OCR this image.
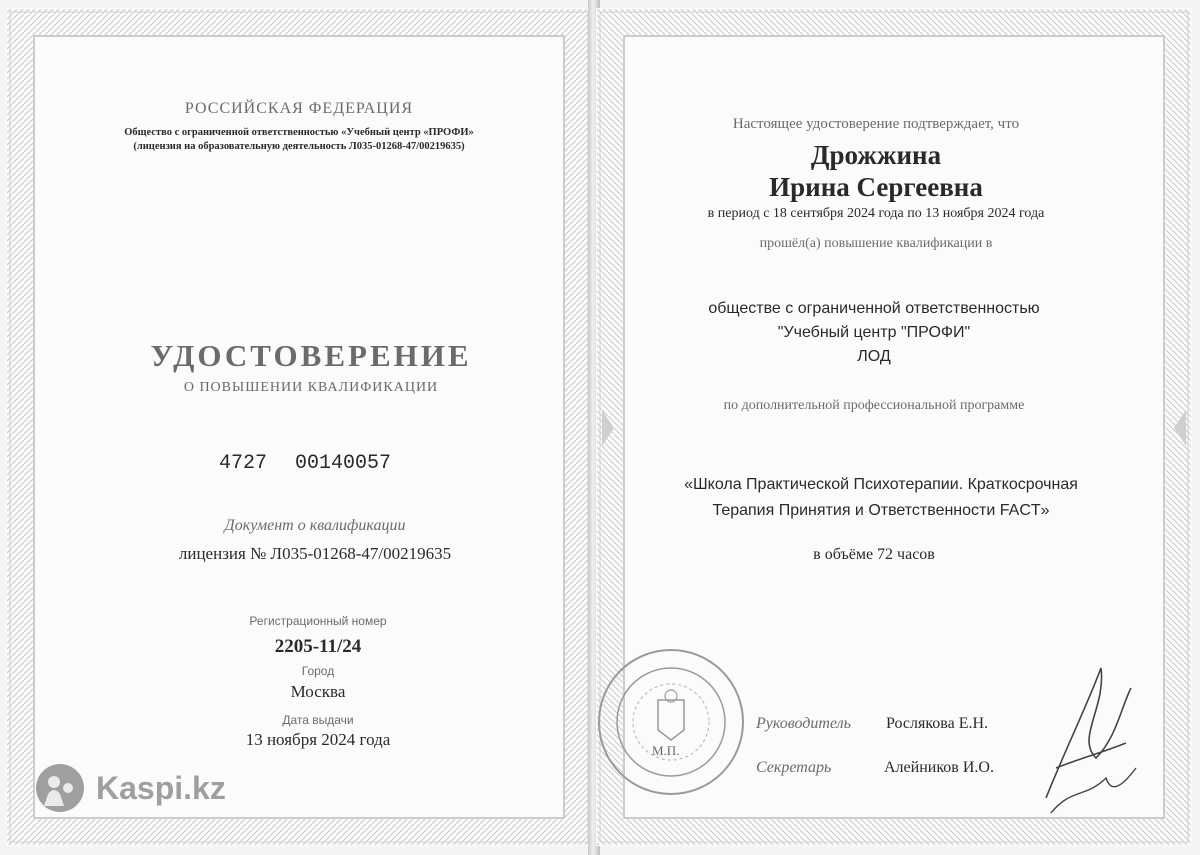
РОССИЙСКАЯ ФЕДЕРАЦИЯ
Общество с ограниченной ответственностью «Учебный центр «ПРОФИ»
(лицензия на образовательную деятельность Л035-01268-47/00219635)
УДОСТОВЕРЕНИЕ
О ПОВЫШЕНИИ КВАЛИФИКАЦИИ
4727 00140057
Документ о квалификации
лицензия № Л035-01268-47/00219635
Регистрационный номер
2205-11/24
Город
Москва
Дата выдачи
13 ноября 2024 года
Настоящее удостоверение подтверждает, что
Дрожжина
Ирина Сергеевна
в период с 18 сентября 2024 года по 13 ноября 2024 года
прошёл(а) повышение квалификации в
обществе с ограниченной ответственностью
"Учебный центр "ПРОФИ"
ЛОД
по дополнительной профессиональной программе
«Школа Практической Психотерапии. Краткосрочная
Терапия Принятия и Ответственности FACT»
в объёме 72 часов
М.П.
Руководитель Рослякова Е.Н.
Секретарь	Алейников И.О.
Kaspi.kz
